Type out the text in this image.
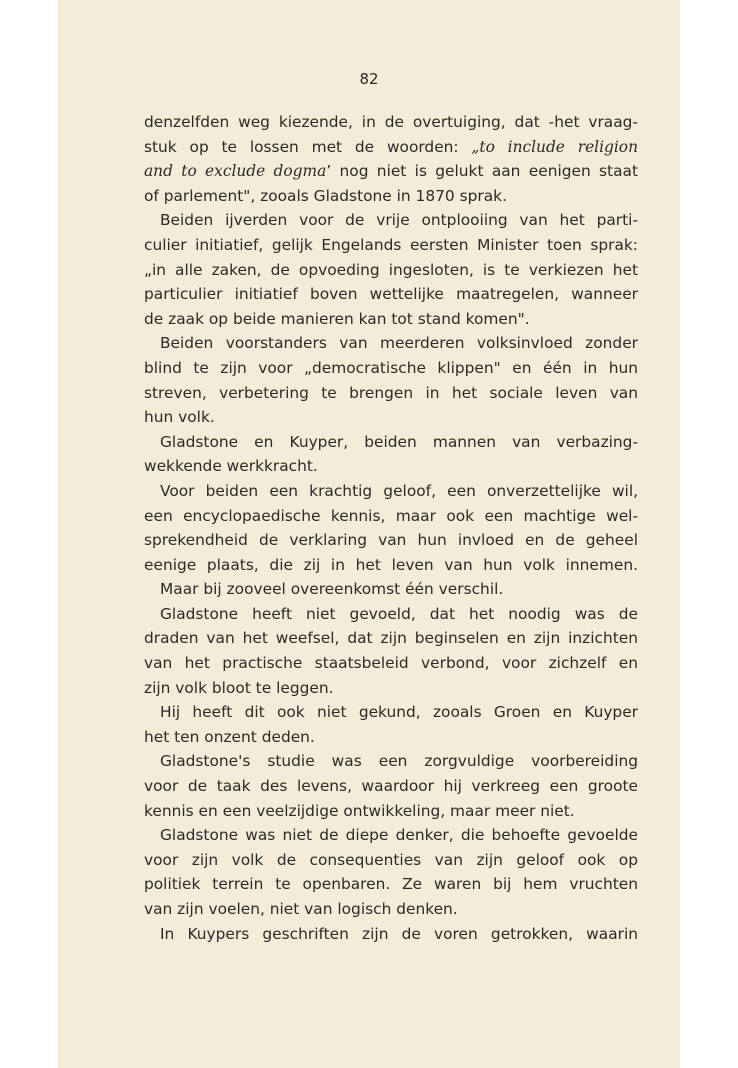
82
denzelfden weg kiezende, in de overtuiging, dat -het vraag-
stuk op te lossen met de woorden: „to include religion
and to exclude dogma’ nog niet is gelukt aan eenigen staat
of parlement", zooals Gladstone in 1870 sprak.
Beiden ijverden voor de vrije ontplooiing van het parti-
culier initiatief, gelijk Engelands eersten Minister toen sprak:
„in alle zaken, de opvoeding ingesloten, is te verkiezen het
particulier initiatief boven wettelijke maatregelen, wanneer
de zaak op beide manieren kan tot stand komen".
Beiden voorstanders van meerderen volksinvloed zonder
blind te zijn voor „democratische klippen" en één in hun
streven, verbetering te brengen in het sociale leven van
hun volk.
Gladstone en Kuyper, beiden mannen van verbazing-
wekkende werkkracht.
Voor beiden een krachtig geloof, een onverzettelijke wil,
een encyclopaedische kennis, maar ook een machtige wel-
sprekendheid de verklaring van hun invloed en de geheel
eenige plaats, die zij in het leven van hun volk innemen.
Maar bij zooveel overeenkomst één verschil.
Gladstone heeft niet gevoeld, dat het noodig was de
draden van het weefsel, dat zijn beginselen en zijn inzichten
van het practische staatsbeleid verbond, voor zichzelf en
zijn volk bloot te leggen.
Hij heeft dit ook niet gekund, zooals Groen en Kuyper
het ten onzent deden.
Gladstone's studie was een zorgvuldige voorbereiding
voor de taak des levens, waardoor hij verkreeg een groote
kennis en een veelzijdige ontwikkeling, maar meer niet.
Gladstone was niet de diepe denker, die behoefte gevoelde
voor zijn volk de consequenties van zijn geloof ook op
politiek terrein te openbaren. Ze waren bij hem vruchten
van zijn voelen, niet van logisch denken.
In Kuypers geschriften zijn de voren getrokken, waarin
